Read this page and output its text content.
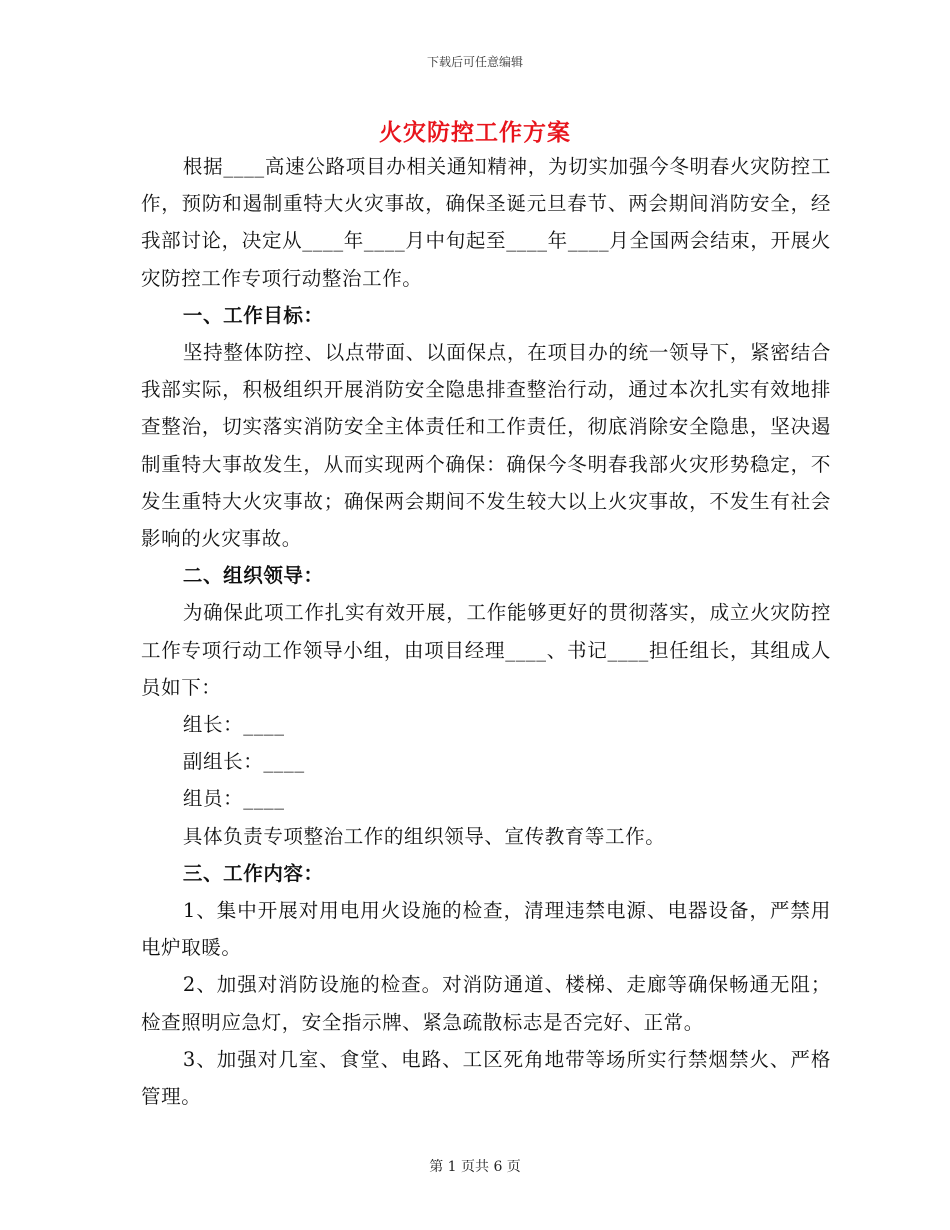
下载后可任意编辑
火灾防控工作方案

根据____高速公路项目办相关通知精神，为切实加强今冬明春火灾防控工作，预防和遏制重特大火灾事故，确保圣诞元旦春节、两会期间消防安全，经我部讨论，决定从____年____月中旬起至____年____月全国两会结束，开展火灾防控工作专项行动整治工作。

一、工作目标：

坚持整体防控、以点带面、以面保点，在项目办的统一领导下，紧密结合我部实际，积极组织开展消防安全隐患排查整治行动，通过本次扎实有效地排查整治，切实落实消防安全主体责任和工作责任，彻底消除安全隐患，坚决遏制重特大事故发生，从而实现两个确保：确保今冬明春我部火灾形势稳定，不发生重特大火灾事故；确保两会期间不发生较大以上火灾事故，不发生有社会影响的火灾事故。

二、组织领导：

为确保此项工作扎实有效开展，工作能够更好的贯彻落实，成立火灾防控工作专项行动工作领导小组，由项目经理____、书记____担任组长，其组成人员如下：

组长：____

副组长：____

组员：____

具体负责专项整治工作的组织领导、宣传教育等工作。

三、工作内容：

1、集中开展对用电用火设施的检查，清理违禁电源、电器设备，严禁用电炉取暖。

2、加强对消防设施的检查。对消防通道、楼梯、走廊等确保畅通无阻；检查照明应急灯，安全指示牌、紧急疏散标志是否完好、正常。

3、加强对几室、食堂、电路、工区死角地带等场所实行禁烟禁火、严格管理。

第 1 页共 6 页
